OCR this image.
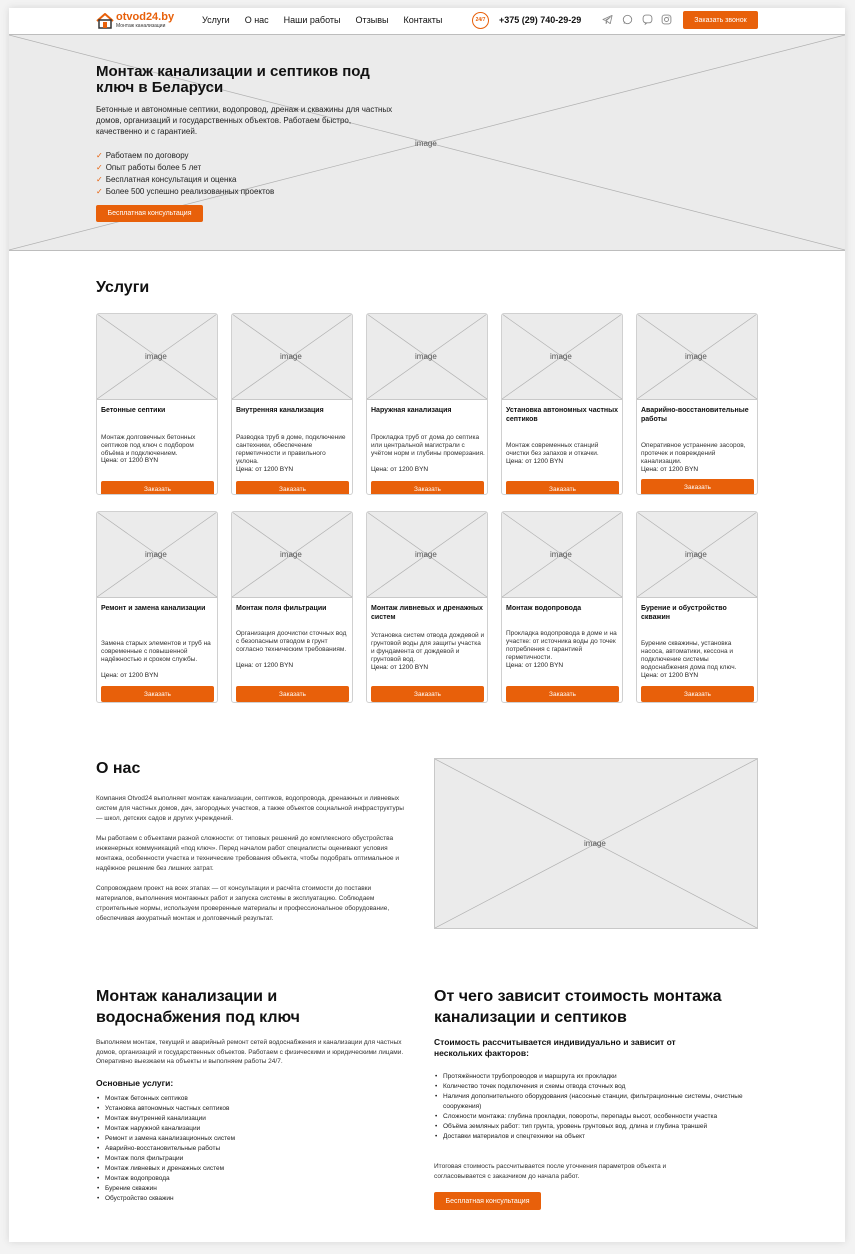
otvod24.by
Монтаж канализации
Услуги О нас Наши работы Отзывы Контакты	24/7	+375 (29) 740-29-29	Заказать звонок
image
Монтаж канализации и септиков под ключ в Беларуси
Бетонные и автономные септики, водопровод, дренаж и скважины для частных домов, организаций и государственных объектов. Работаем быстро, качественно и с гарантией.
✓ Работаем по договору
✓ Опыт работы более 5 лет
✓ Бесплатная консультация и оценка
✓ Более 500 успешно реализованных проектов
Бесплатная консультация
Услуги
О нас
Компания Otvod24 выполняет монтаж канализации, септиков, водопровода, дренажных и ливневых систем для частных домов, дач, загородных участков, а также объектов социальной инфраструктуры — школ, детских садов и других учреждений.
Мы работаем с объектами разной сложности: от типовых решений до комплексного обустройства инженерных коммуникаций «под ключ». Перед началом работ специалисты оценивают условия монтажа, особенности участка и технические требования объекта, чтобы подобрать оптимальное и надёжное решение без лишних затрат.
Сопровождаем проект на всех этапах — от консультации и расчёта стоимости до поставки материалов, выполнения монтажных работ и запуска системы в эксплуатацию. Соблюдаем строительные нормы, используем проверенные материалы и профессиональное оборудование, обеспечивая аккуратный монтаж и долговечный результат.
image
Монтаж канализации и водоснабжения под ключ
Выполняем монтаж, текущий и аварийный ремонт сетей водоснабжения и канализации для частных домов, организаций и государственных объектов. Работаем с физическими и юридическими лицами. Оперативно выезжаем на объекты и выполняем работы 24/7.
Основные услуги:
• Монтаж бетонных септиков
• Установка автономных частных септиков
• Монтаж внутренней канализации
• Монтаж наружной канализации
• Ремонт и замена канализационных систем
• Аварийно-восстановительные работы
• Монтаж поля фильтрации
• Монтаж ливневых и дренажных систем
• Монтаж водопровода
• Бурение скважин
• Обустройство скважин
От чего зависит стоимость монтажа канализации и септиков
Стоимость рассчитывается индивидуально и зависит от нескольких факторов:
• Протяжённости трубопроводов и маршрута их прокладки
• Количество точек подключения и схемы отвода сточных вод
• Наличия дополнительного оборудования (насосные станции, фильтрационные системы, очистные сооружения)
• Сложности монтажа: глубина прокладки, повороты, перепады высот, особенности участка
• Объёма земляных работ: тип грунта, уровень грунтовых вод, длина и глубина траншей
• Доставки материалов и спецтехники на объект
Итоговая стоимость рассчитывается после уточнения параметров объекта и согласовывается с заказчиком до начала работ.
Бесплатная консультация
image
Бетонные септики
Монтаж долговечных бетонных септиков под ключ с подбором объёма и подключением.
Цена: от 1200 BYN
Заказать
image
Внутренняя канализация
Разводка труб в доме, подключение сантехники, обеспечение герметичности и правильного уклона.
Цена: от 1200 BYN
Заказать
image
Наружная канализация
Прокладка труб от дома до септика или центральной магистрали с учётом норм и глубины промерзания.
Цена: от 1200 BYN
Заказать
image
Установка автономных частных септиков
Монтаж современных станций очистки без запахов и откачки.
Цена: от 1200 BYN
Заказать
image
Аварийно-восстановительные работы
Оперативное устранение засоров, протечек и повреждений канализации.
Цена: от 1200 BYN
Заказать
image
Ремонт и замена канализации
Замена старых элементов и труб на современные с повышенной надёжностью и сроком службы.
Цена: от 1200 BYN
Заказать
image
Монтаж поля фильтрации
Организация доочистки сточных вод с безопасным отводом в грунт согласно техническим требованиям.
Цена: от 1200 BYN
Заказать
image
Монтаж ливневых и дренажных систем
Установка систем отвода дождевой и грунтовой воды для защиты участка и фундамента от дождевой и грунтовой вод.
Цена: от 1200 BYN
Заказать
image
Монтаж водопровода
Прокладка водопровода в доме и на участке: от источника воды до точек потребления с гарантией герметичности.
Цена: от 1200 BYN
Заказать
image
Бурение и обустройство скважин
Бурение скважины, установка насоса, автоматики, кессона и подключение системы водоснабжения дома под ключ.
Цена: от 1200 BYN
Заказать
